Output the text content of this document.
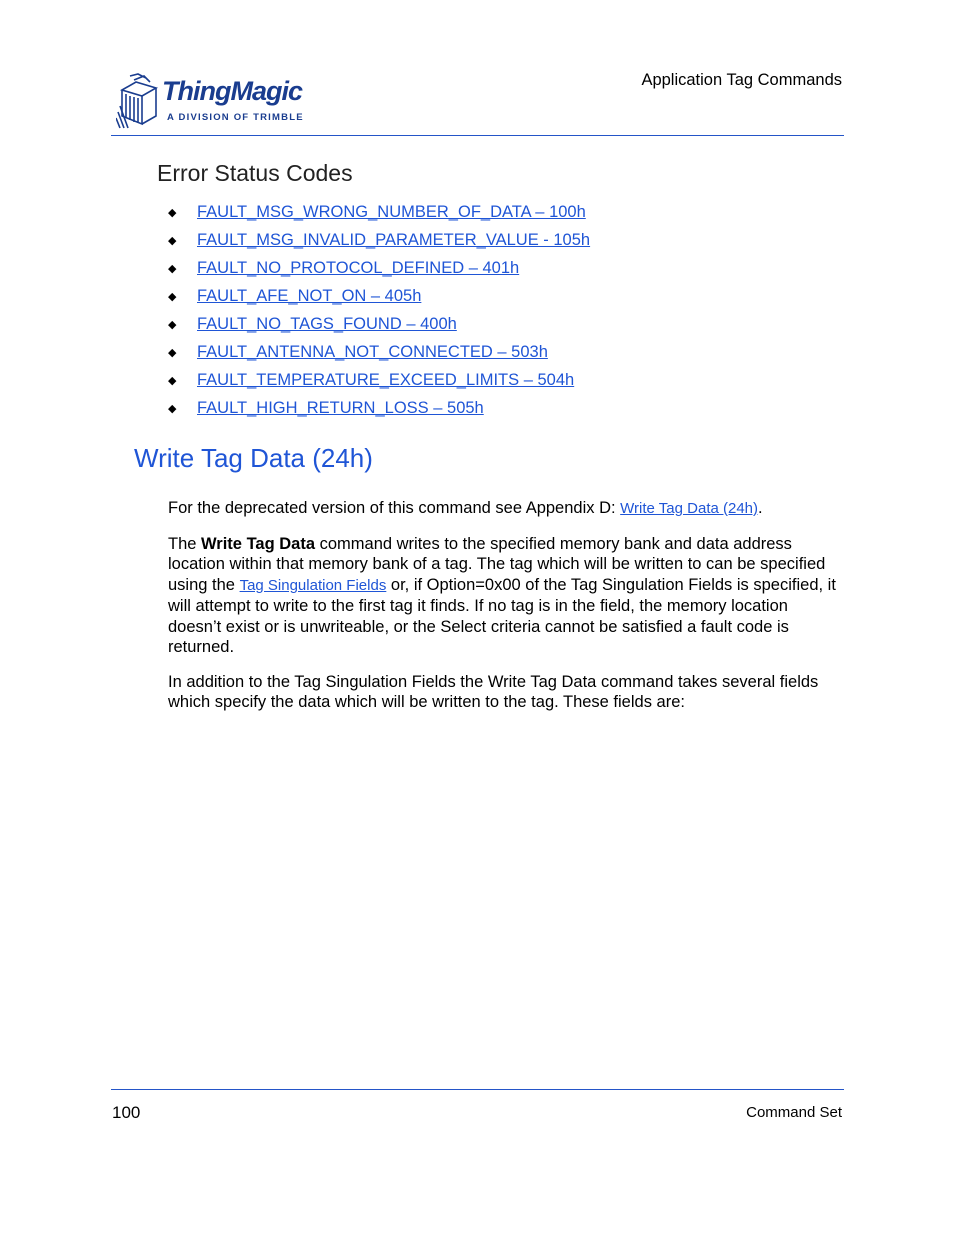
ThingMagic
A DIVISION OF TRIMBLE
Application Tag Commands
Error Status Codes
◆	FAULT_MSG_WRONG_NUMBER_OF_DATA – 100h
◆	FAULT_MSG_INVALID_PARAMETER_VALUE - 105h
◆	FAULT_NO_PROTOCOL_DEFINED – 401h
◆	FAULT_AFE_NOT_ON – 405h
◆	FAULT_NO_TAGS_FOUND – 400h
◆	FAULT_ANTENNA_NOT_CONNECTED – 503h
◆	FAULT_TEMPERATURE_EXCEED_LIMITS – 504h
◆	FAULT_HIGH_RETURN_LOSS – 505h
Write Tag Data (24h)

For the deprecated version of this command see Appendix D: Write Tag Data (24h).

The Write Tag Data command writes to the specified memory bank and data address location within that memory bank of a tag. The tag which will be written to can be specified using the Tag Singulation Fields or, if Option=0x00 of the Tag Singulation Fields is specified, it will attempt to write to the first tag it finds. If no tag is in the field, the memory location doesn’t exist or is unwriteable, or the Select criteria cannot be satisfied a fault code is returned.

In addition to the Tag Singulation Fields the Write Tag Data command takes several fields which specify the data which will be written to the tag. These fields are:

100	Command Set
